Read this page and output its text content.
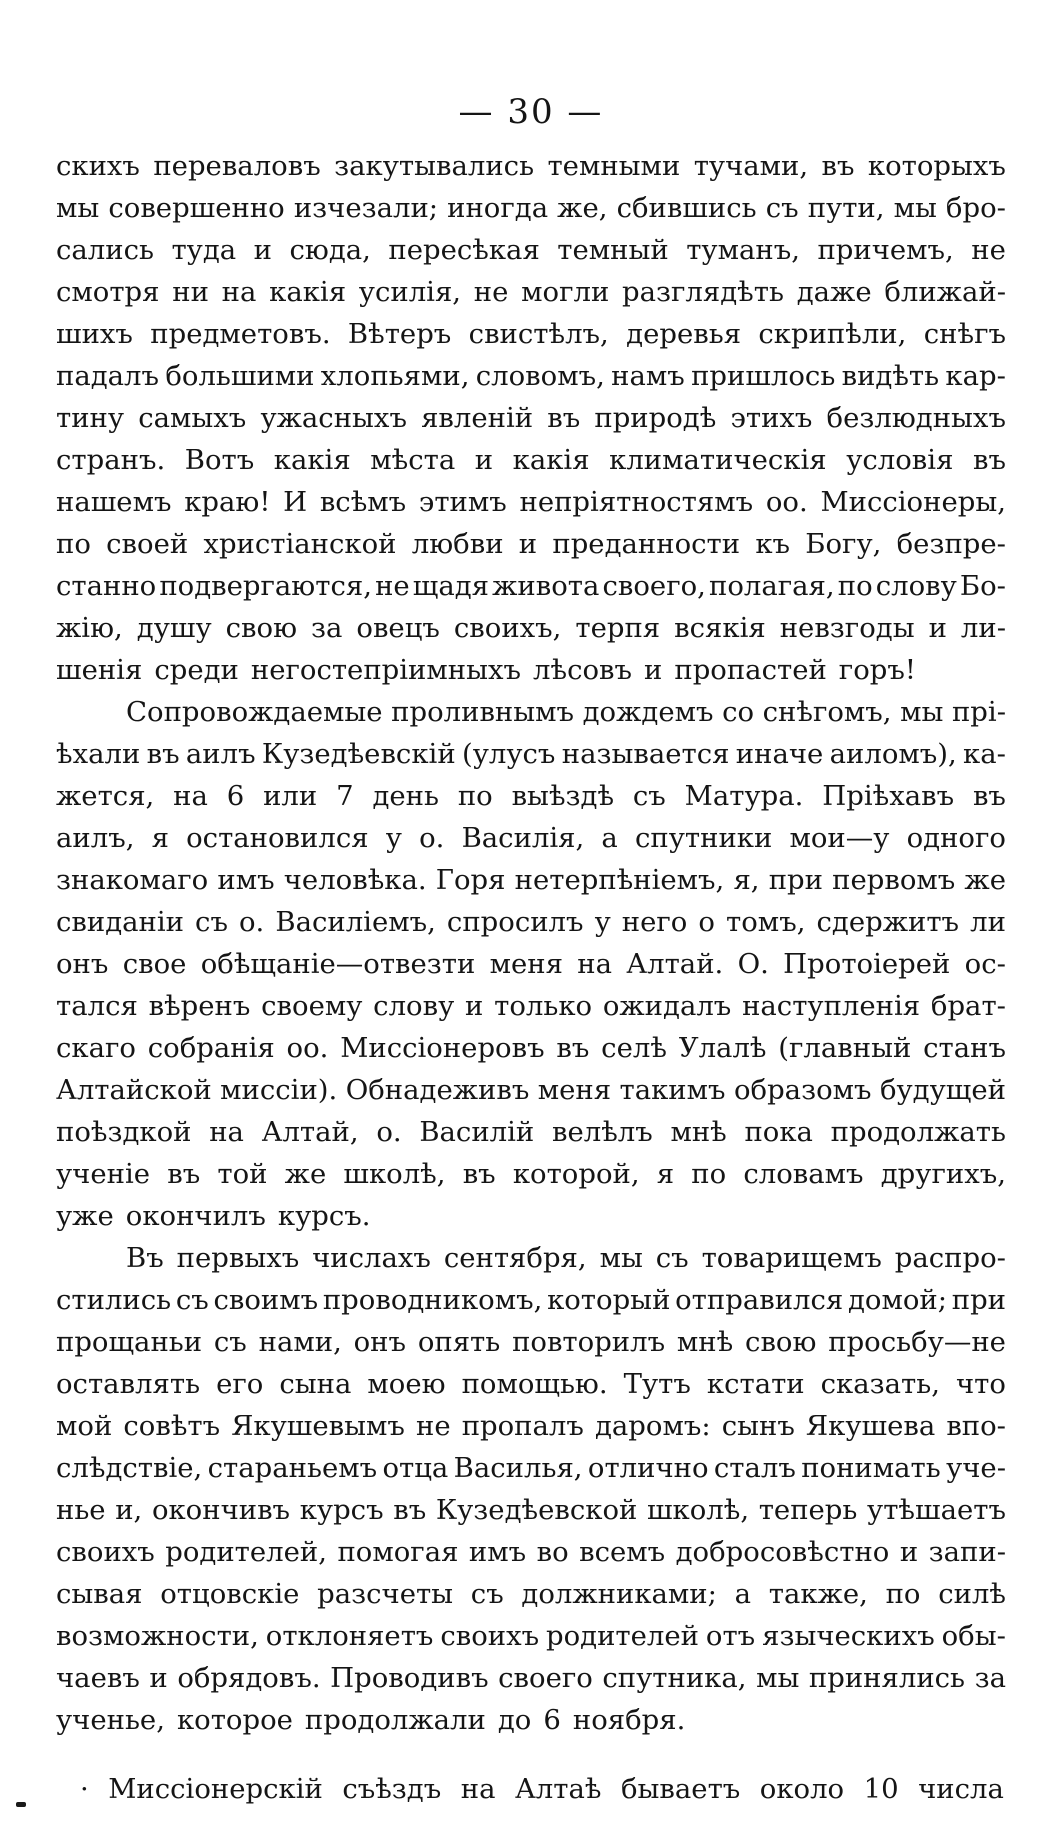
— 30 —
скихъ переваловъ закутывались темными тучами, въ которыхъ
мы совершенно изчезали; иногда же, сбившись съ пути, мы бро-
сались туда и сюда, пересѣкая темный туманъ, причемъ, не
смотря ни на какія усилія, не могли разглядѣть даже ближай-
шихъ предметовъ. Вѣтеръ свистѣлъ, деревья скрипѣли, снѣгъ
падалъ большими хлопьями, словомъ, намъ пришлось видѣть кар-
тину самыхъ ужасныхъ явленій въ природѣ этихъ безлюдныхъ
странъ. Вотъ какія мѣста и какія климатическія условія въ
нашемъ краю! И всѣмъ этимъ непріятностямъ оо. Миссіонеры,
по своей христіанской любви и преданности къ Богу, безпре-
станно подвергаются, не щадя живота своего, полагая, по слову Бо-
жію, душу свою за овецъ своихъ, терпя всякія невзгоды и ли-
шенія среди негостепріимныхъ лѣсовъ и пропастей горъ!
Сопровождаемые проливнымъ дождемъ со снѣгомъ, мы прі-
ѣхали въ аилъ Кузедѣевскій (улусъ называется иначе аиломъ), ка-
жется, на 6 или 7 день по выѣздѣ съ Матура. Пріѣхавъ въ
аилъ, я остановился у о. Василія, а спутники мои—у одного
знакомаго имъ человѣка. Горя нетерпѣніемъ, я, при первомъ же
свиданіи съ о. Василіемъ, спросилъ у него о томъ, сдержитъ ли
онъ свое обѣщаніе—отвезти меня на Алтай. О. Протоіерей ос-
тался вѣренъ своему слову и только ожидалъ наступленія брат-
скаго собранія оо. Миссіонеровъ въ селѣ Улалѣ (главный станъ
Алтайской миссіи). Обнадеживъ меня такимъ образомъ будущей
поѣздкой на Алтай, о. Василій велѣлъ мнѣ пока продолжать
ученіе въ той же школѣ, въ которой, я по словамъ другихъ,
уже окончилъ курсъ.
Въ первыхъ числахъ сентября, мы съ товарищемъ распро-
стились съ своимъ проводникомъ, который отправился домой; при
прощаньи съ нами, онъ опять повторилъ мнѣ свою просьбу—не
оставлять его сына моею помощью. Тутъ кстати сказать, что
мой совѣтъ Якушевымъ не пропалъ даромъ: сынъ Якушева впо-
слѣдствіе, стараньемъ отца Василья, отлично сталъ понимать уче-
нье и, окончивъ курсъ въ Кузедѣевской школѣ, теперь утѣшаетъ
своихъ родителей, помогая имъ во всемъ добросовѣстно и запи-
сывая отцовскіе разсчеты съ должниками; а также, по силѣ
возможности, отклоняетъ своихъ родителей отъ языческихъ обы-
чаевъ и обрядовъ. Проводивъ своего спутника, мы принялись за
ученье, которое продолжали до 6 ноября.
· Миссіонерскій съѣздъ на Алтаѣ бываетъ около 10 числа
